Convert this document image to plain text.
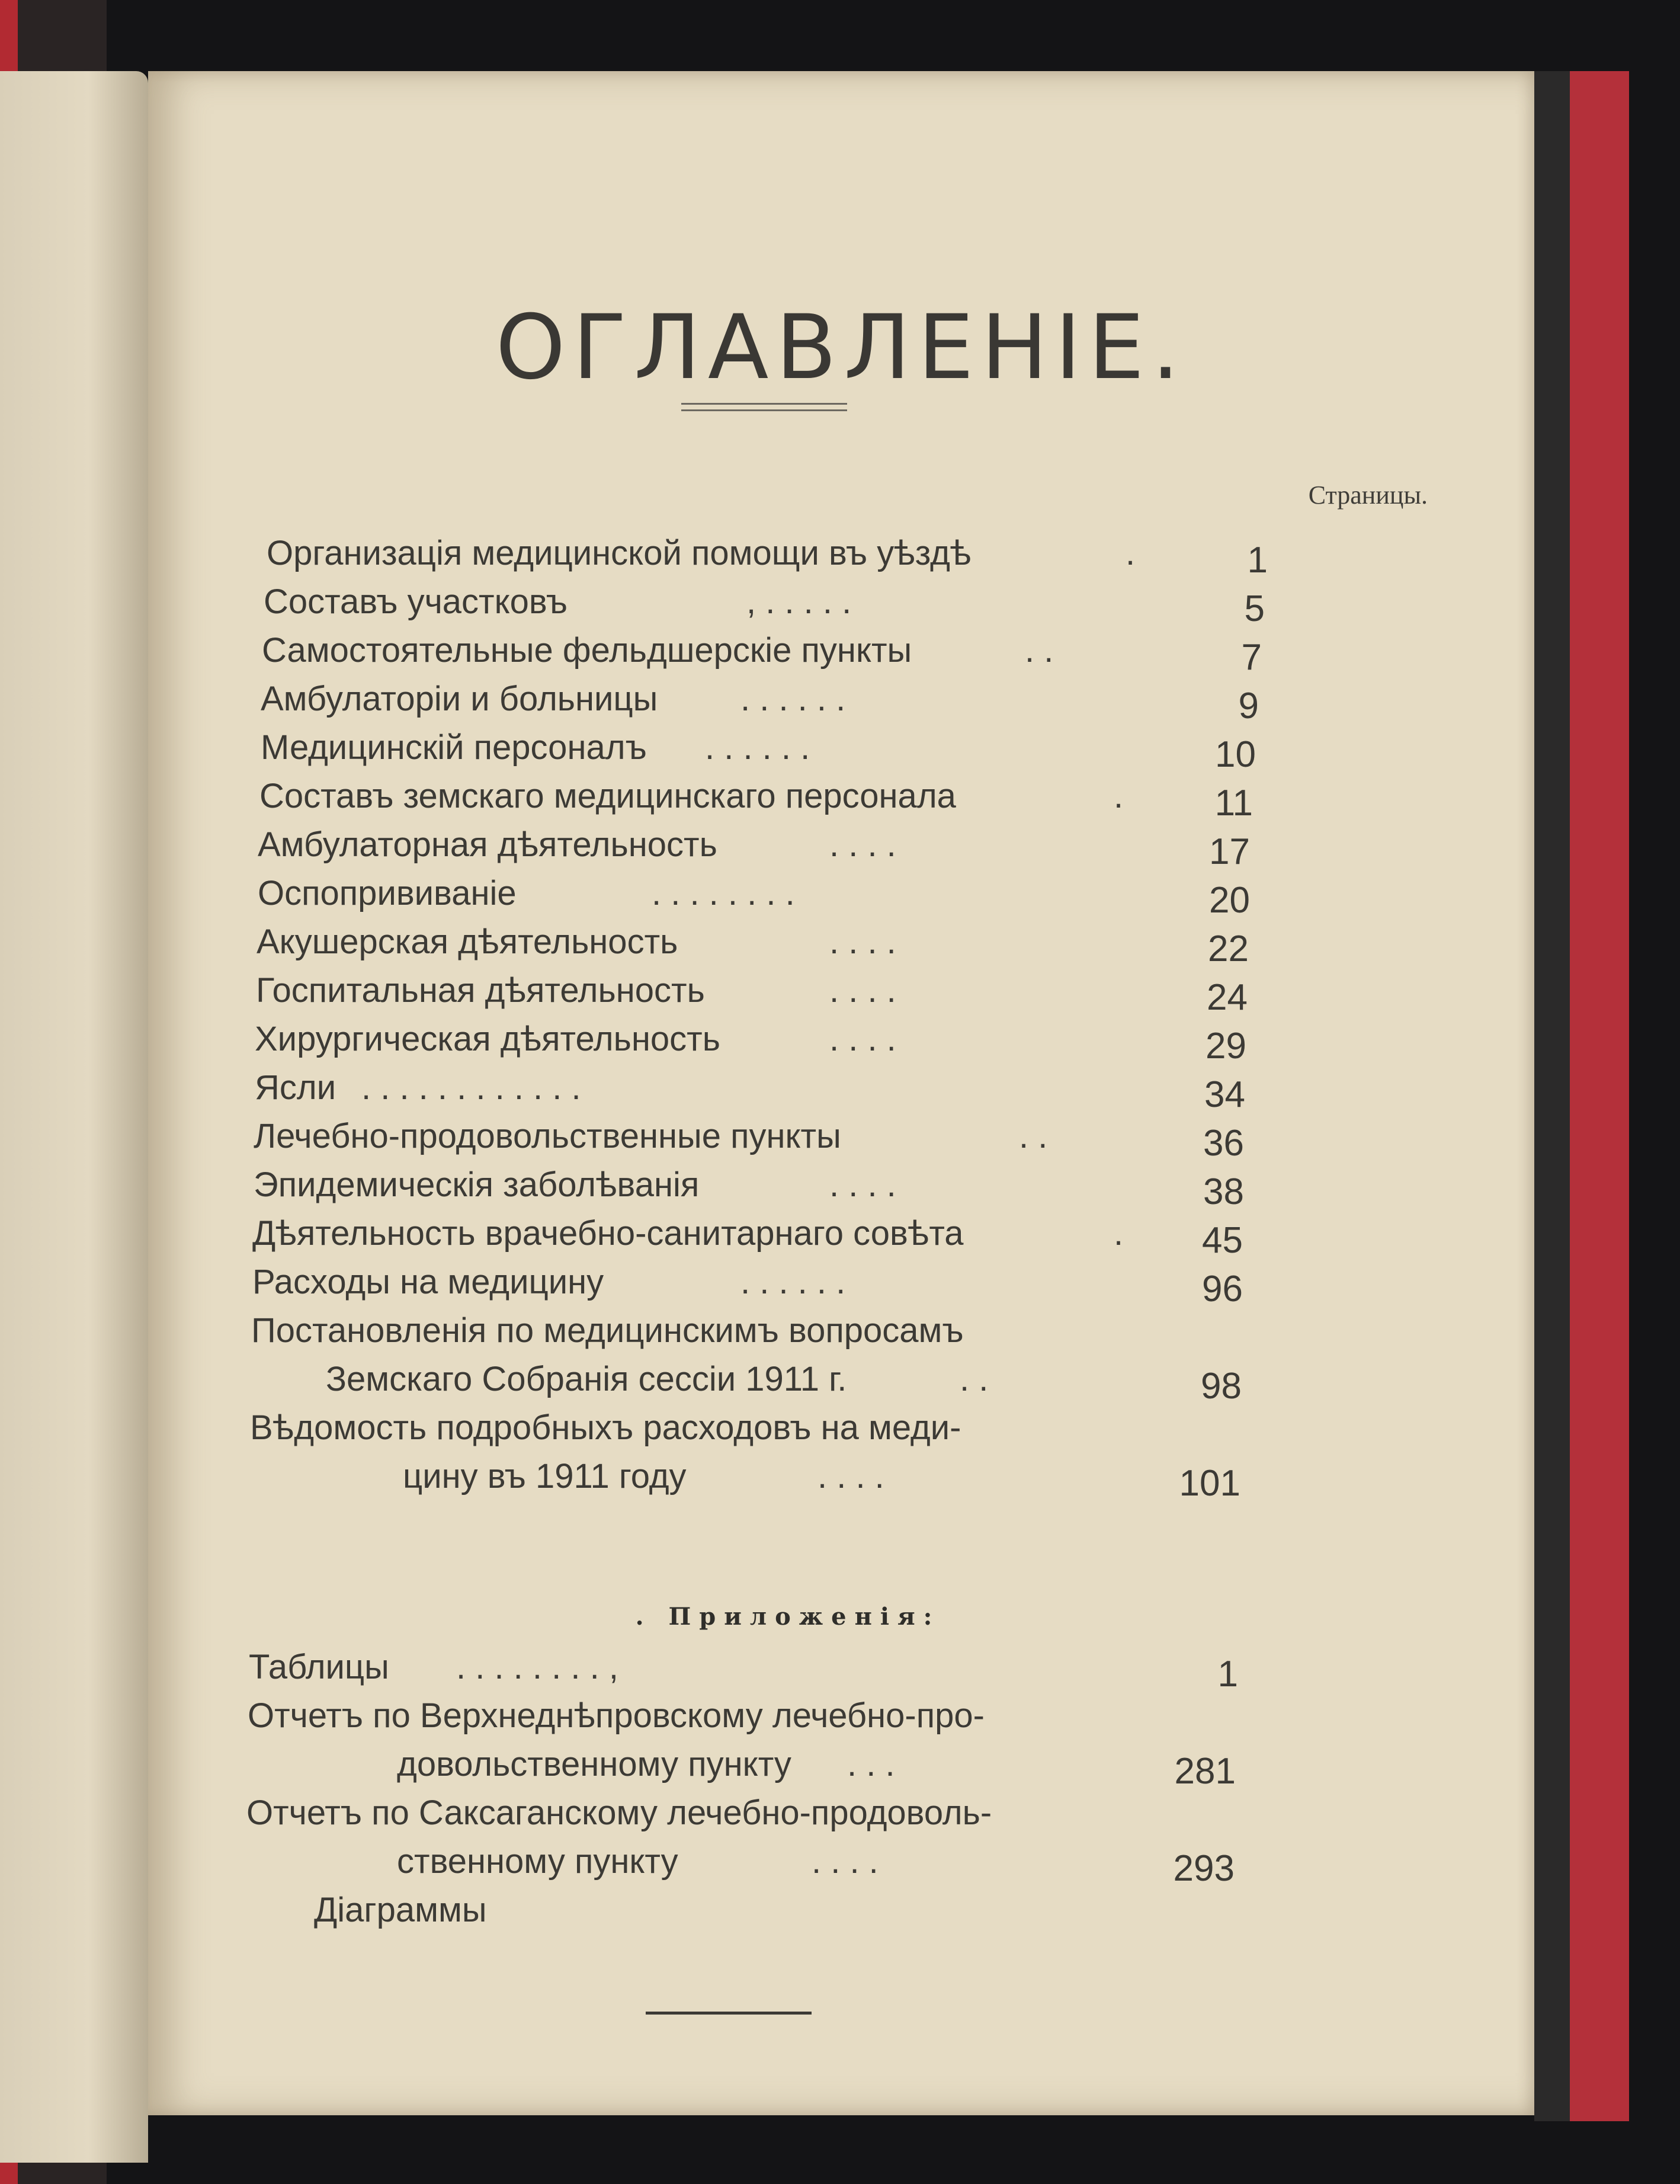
ОГЛАВЛЕНІЕ.
Страницы.
Организація медицинской помощи въ уѣздѣ	.	1
Составъ участковъ	, . . . . .	5
Самостоятельные фельдшерскіе пункты	. .	7
Амбулаторіи и больницы . . . . . .	9
Медицинскій персоналъ . . . . . .	10
Составъ земскаго медицинскаго персонала	.	11
Амбулаторная дѣятельность	. . . .	17
Оспопрививаніе	. . . . . . . .	20
Акушерская дѣятельность	. . . .	22
Госпитальная дѣятельность	. . . .	24
Хирургическая дѣятельность	. . . .	29
Ясли . . . . . . . . . . . .	34
Лечебно-продовольственные пункты	. .	36
Эпидемическія заболѣванія	. . . .	38
Дѣятельность врачебно-санитарнаго совѣта	.	45
Расходы на медицину	. . . . . .	96
Постановленія по медицинскимъ вопросамъ
Земскаго Собранія сессіи 1911 г.	. .	98
Вѣдомость подробныхъ расходовъ на меди-
цину въ 1911 году	. . . .	101
. Приложенія:
Таблицы . . . . . . . . ,	1
Отчетъ по Верхнеднѣпровскому лечебно-про-
довольственному пункту . . .	281
Отчетъ по Саксаганскому лечебно-продоволь-
ственному пункту	. . . .	293
Діаграммы
